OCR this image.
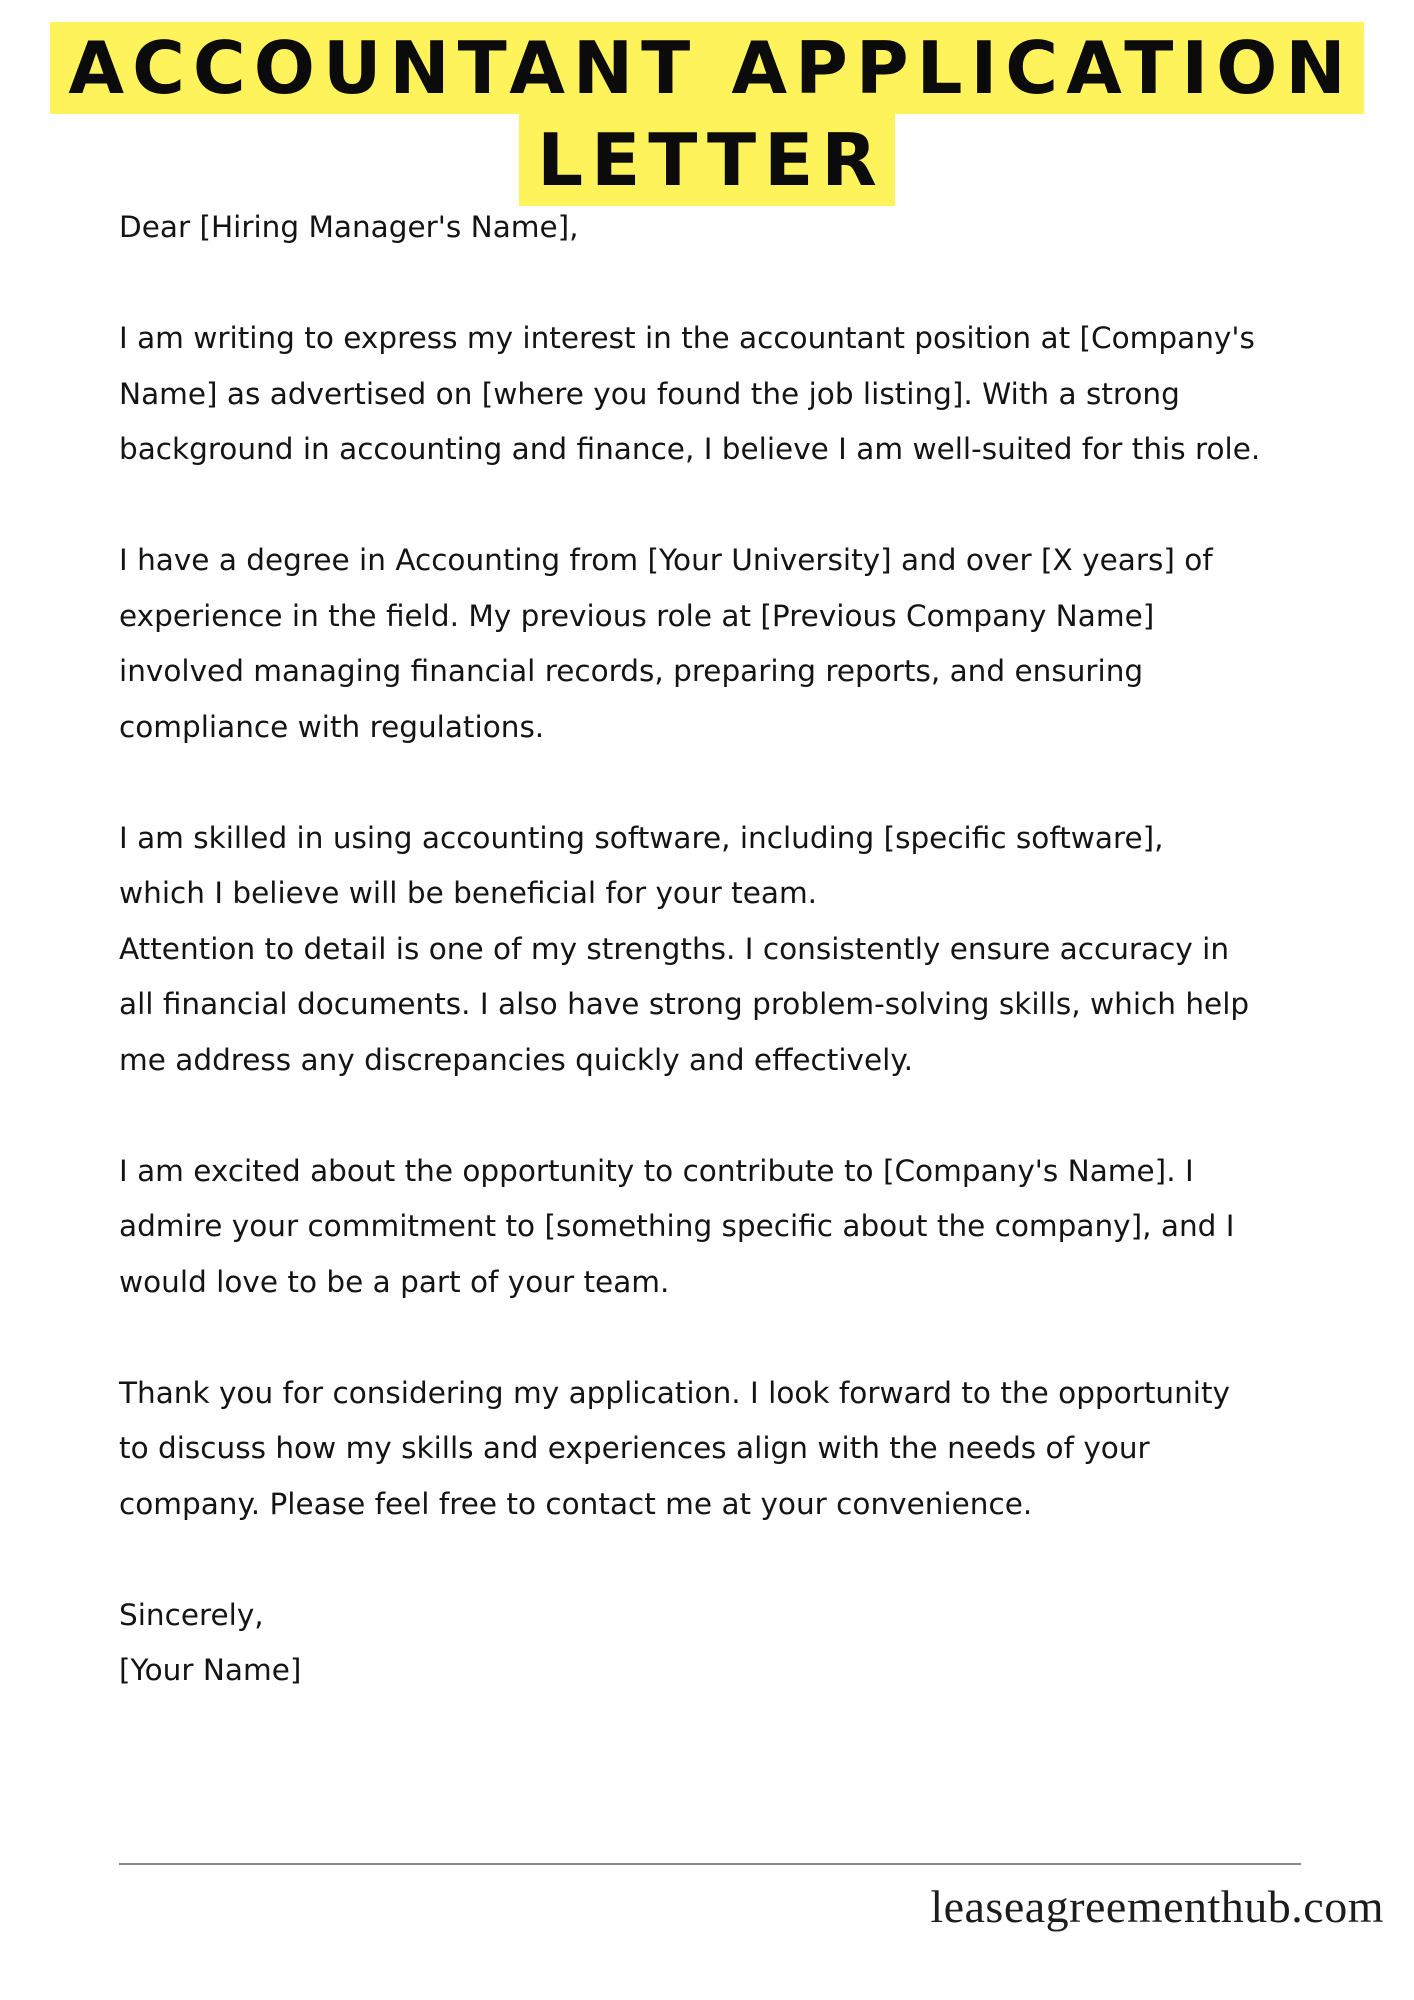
ACCOUNTANT APPLICATION
LETTER

Dear [Hiring Manager's Name],

I am writing to express my interest in the accountant position at [Company's

Name] as advertised on [where you found the job listing]. With a strong

background in accounting and finance, I believe I am well-suited for this role.

I have a degree in Accounting from [Your University] and over [X years] of

experience in the field. My previous role at [Previous Company Name]

involved managing financial records, preparing reports, and ensuring

compliance with regulations.

I am skilled in using accounting software, including [specific software],

which I believe will be beneficial for your team.

Attention to detail is one of my strengths. I consistently ensure accuracy in

all financial documents. I also have strong problem-solving skills, which help

me address any discrepancies quickly and effectively.

I am excited about the opportunity to contribute to [Company's Name]. I

admire your commitment to [something specific about the company], and I

would love to be a part of your team.

Thank you for considering my application. I look forward to the opportunity

to discuss how my skills and experiences align with the needs of your

company. Please feel free to contact me at your convenience.

Sincerely,

[Your Name]

leaseagreementhub.com
